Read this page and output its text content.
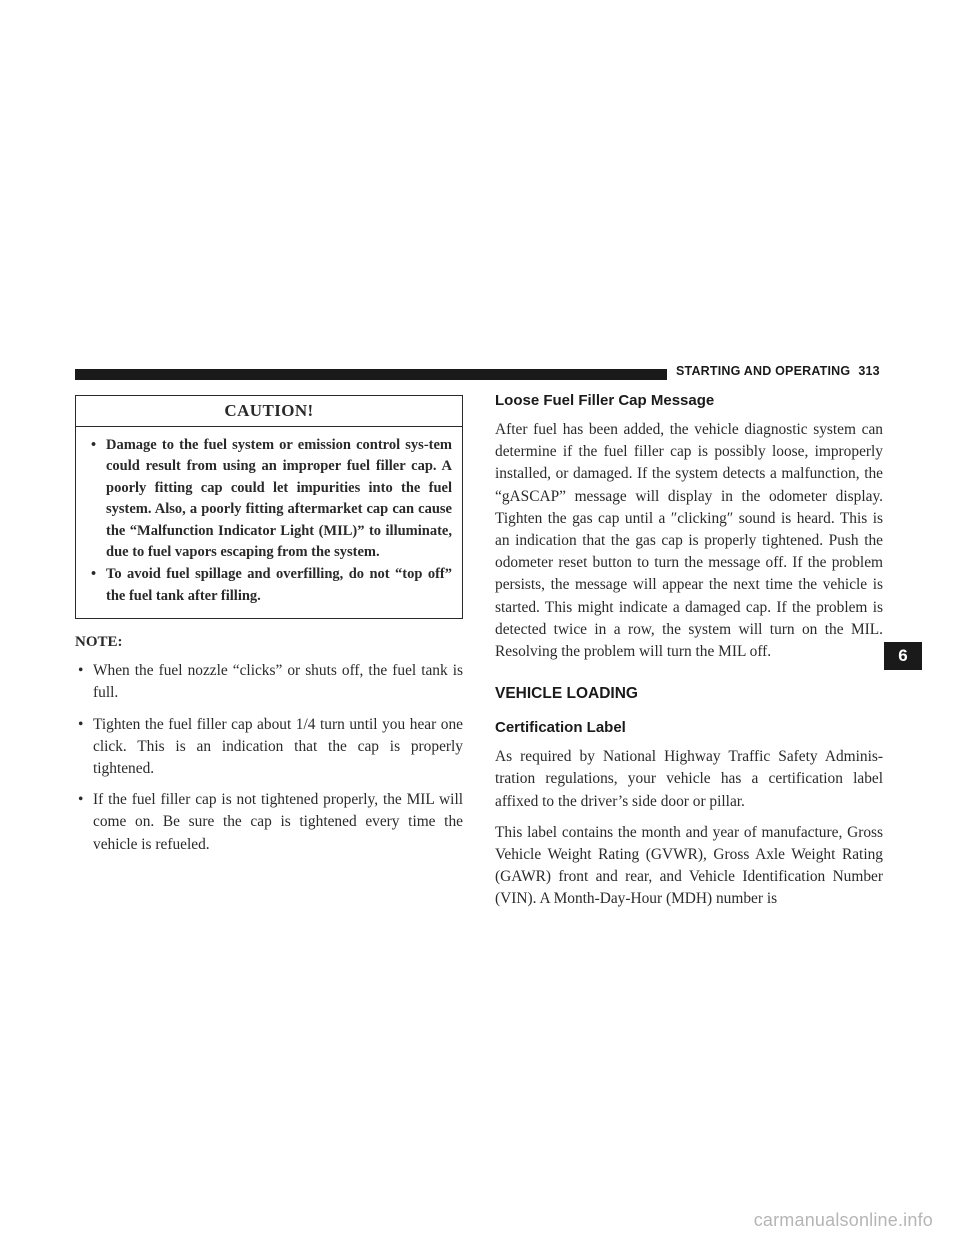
STARTING AND OPERATING 313
CAUTION!
• Damage to the fuel system or emission control sys-tem could result from using an improper fuel filler cap. A poorly fitting cap could let impurities into the fuel system. Also, a poorly fitting aftermarket cap can cause the “Malfunction Indicator Light (MIL)” to illuminate, due to fuel vapors escaping from the system.
• To avoid fuel spillage and overfilling, do not “top off” the fuel tank after filling.
NOTE:
• When the fuel nozzle “clicks” or shuts off, the fuel tank is full.
• Tighten the fuel filler cap about 1/4 turn until you hear one click. This is an indication that the cap is properly tightened.
• If the fuel filler cap is not tightened properly, the MIL will come on. Be sure the cap is tightened every time the vehicle is refueled.
Loose Fuel Filler Cap Message

After fuel has been added, the vehicle diagnostic system can determine if the fuel filler cap is possibly loose, improperly installed, or damaged. If the system detects a malfunction, the “gASCAP” message will display in the odometer display. Tighten the gas cap until a ″clicking″ sound is heard. This is an indication that the gas cap is properly tightened. Push the odometer reset button to turn the message off. If the problem persists, the message will appear the next time the vehicle is started. This might indicate a damaged cap. If the problem is detected twice in a row, the system will turn on the MIL. Resolving the problem will turn the MIL off.

VEHICLE LOADING
Certification Label

As required by National Highway Traffic Safety Adminis-tration regulations, your vehicle has a certification label affixed to the driver’s side door or pillar.

This label contains the month and year of manufacture, Gross Vehicle Weight Rating (GVWR), Gross Axle Weight Rating (GAWR) front and rear, and Vehicle Identification Number (VIN). A Month-Day-Hour (MDH) number is

6
carmanualsonline.info
